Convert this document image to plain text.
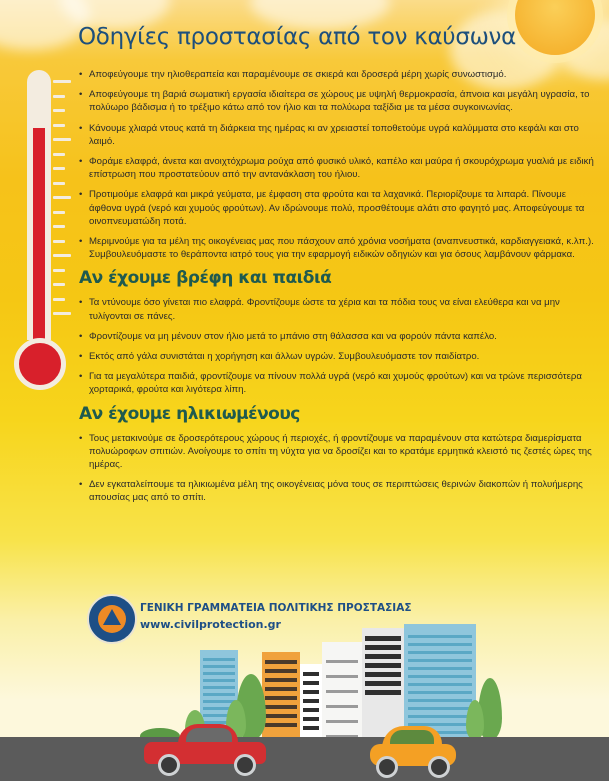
Οδηγίες προστασίας από τον καύσωνα
• Αποφεύγουμε την ηλιοθεραπεία και παραμένουμε σε σκιερά και δροσερά μέρη χωρίς συνωστισμό.
• Αποφεύγουμε τη βαριά σωματική εργασία ιδιαίτερα σε χώρους με υψηλή θερμοκρασία, άπνοια και μεγάλη υγρασία, το πολύωρο βάδισμα ή το τρέξιμο κάτω από τον ήλιο και τα πολύωρα ταξίδια με τα μέσα συγκοινωνίας.
• Κάνουμε χλιαρά ντους κατά τη διάρκεια της ημέρας κι αν χρειαστεί τοποθετούμε υγρά καλύμματα στο κεφάλι και στο λαιμό.
• Φοράμε ελαφρά, άνετα και ανοιχτόχρωμα ρούχα από φυσικό υλικό, καπέλο και μαύρα ή σκουρόχρωμα γυαλιά με ειδική επίστρωση που προστατεύουν από την αντανάκλαση του ήλιου.
• Προτιμούμε ελαφρά και μικρά γεύματα, με έμφαση στα φρούτα και τα λαχανικά. Περιορίζουμε τα λιπαρά. Πίνουμε άφθονα υγρά (νερό και χυμούς φρούτων). Αν ιδρώνουμε πολύ, προσθέτουμε αλάτι στο φαγητό μας. Αποφεύγουμε τα οινοπνευματώδη ποτά.
• Μεριμνούμε για τα μέλη της οικογένειας μας που πάσχουν από χρόνια νοσήματα (αναπνευστικά, καρδιαγγειακά, κ.λπ.). Συμβουλευόμαστε το θεράποντα ιατρό τους για την εφαρμογή ειδικών οδηγιών και για όσους λαμβάνουν φάρμακα.
Αν έχουμε βρέφη και παιδιά
• Τα ντύνουμε όσο γίνεται πιο ελαφρά. Φροντίζουμε ώστε τα χέρια και τα πόδια τους να είναι ελεύθερα και να μην τυλίγονται σε πάνες.
• Φροντίζουμε να μη μένουν στον ήλιο μετά το μπάνιο στη θάλασσα και να φορούν πάντα καπέλο.
• Εκτός από γάλα συνιστάται η χορήγηση και άλλων υγρών. Συμβουλευόμαστε τον παιδίατρο.
• Για τα μεγαλύτερα παιδιά, φροντίζουμε να πίνουν πολλά υγρά (νερό και χυμούς φρούτων) και να τρώνε περισσότερα χορταρικά, φρούτα και λιγότερα λίπη.
Αν έχουμε ηλικιωμένους
• Τους μετακινούμε σε δροσερότερους χώρους ή περιοχές, ή φροντίζουμε να παραμένουν στα κατώτερα διαμερίσματα πολυώροφων σπιτιών. Ανοίγουμε το σπίτι τη νύχτα για να δροσίζει και το κρατάμε ερμητικά κλειστό τις ζεστές ώρες της ημέρας.
• Δεν εγκαταλείπουμε τα ηλικιωμένα μέλη της οικογένειας μόνα τους σε περιπτώσεις θερινών διακοπών ή πολυήμερης απουσίας μας από το σπίτι.
ΓΕΝΙΚΗ ΓΡΑΜΜΑΤΕΙΑ ΠΟΛΙΤΙΚΗΣ ΠΡΟΣΤΑΣΙΑΣ
www.civilprotection.gr
